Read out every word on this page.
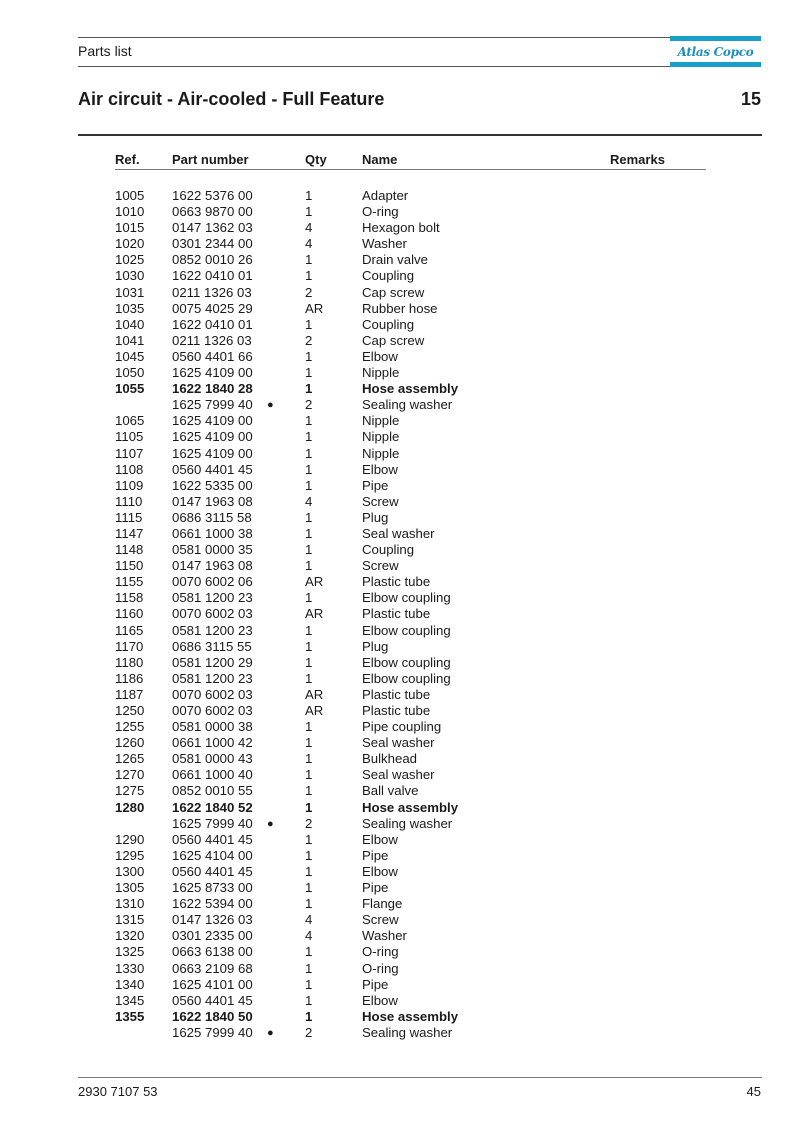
Parts list	Atlas Copco
Air circuit - Air-cooled - Full Feature	15
Ref. Part number	Qty	Name	Remarks
1005 1622 5376 00	1	Adapter
1010 0663 9870 00	1	O-ring
1015 0147 1362 03	4	Hexagon bolt
1020 0301 2344 00	4	Washer
1025 0852 0010 26	1	Drain valve
1030 1622 0410 01	1	Coupling
1031 0211 1326 03	2	Cap screw
1035 0075 4025 29	AR	Rubber hose
1040 1622 0410 01	1	Coupling
1041 0211 1326 03	2	Cap screw
1045 0560 4401 66	1	Elbow
1050 1625 4109 00	1	Nipple
1055 1622 1840 28	1	Hose assembly
1625 7999 40 ● 2	Sealing washer
1065 1625 4109 00	1	Nipple
1105 1625 4109 00	1	Nipple
1107 1625 4109 00	1	Nipple
1108 0560 4401 45	1	Elbow
1109 1622 5335 00	1	Pipe
1110 0147 1963 08	4	Screw
1115 0686 3115 58	1	Plug
1147 0661 1000 38	1	Seal washer
1148 0581 0000 35	1	Coupling
1150 0147 1963 08	1	Screw
1155 0070 6002 06	AR	Plastic tube
1158 0581 1200 23	1	Elbow coupling
1160 0070 6002 03	AR	Plastic tube
1165 0581 1200 23	1	Elbow coupling
1170 0686 3115 55	1	Plug
1180 0581 1200 29	1	Elbow coupling
1186 0581 1200 23	1	Elbow coupling
1187 0070 6002 03	AR	Plastic tube
1250 0070 6002 03	AR	Plastic tube
1255 0581 0000 38	1	Pipe coupling
1260 0661 1000 42	1	Seal washer
1265 0581 0000 43	1	Bulkhead
1270 0661 1000 40	1	Seal washer
1275 0852 0010 55	1	Ball valve
1280 1622 1840 52	1	Hose assembly
1625 7999 40 ● 2	Sealing washer
1290 0560 4401 45	1	Elbow
1295 1625 4104 00	1	Pipe
1300 0560 4401 45	1	Elbow
1305 1625 8733 00	1	Pipe
1310 1622 5394 00	1	Flange
1315 0147 1326 03	4	Screw
1320 0301 2335 00	4	Washer
1325 0663 6138 00	1	O-ring
1330 0663 2109 68	1	O-ring
1340 1625 4101 00	1	Pipe
1345 0560 4401 45	1	Elbow
1355 1622 1840 50	1	Hose assembly
1625 7999 40 ● 2	Sealing washer
2930 7107 53	45
